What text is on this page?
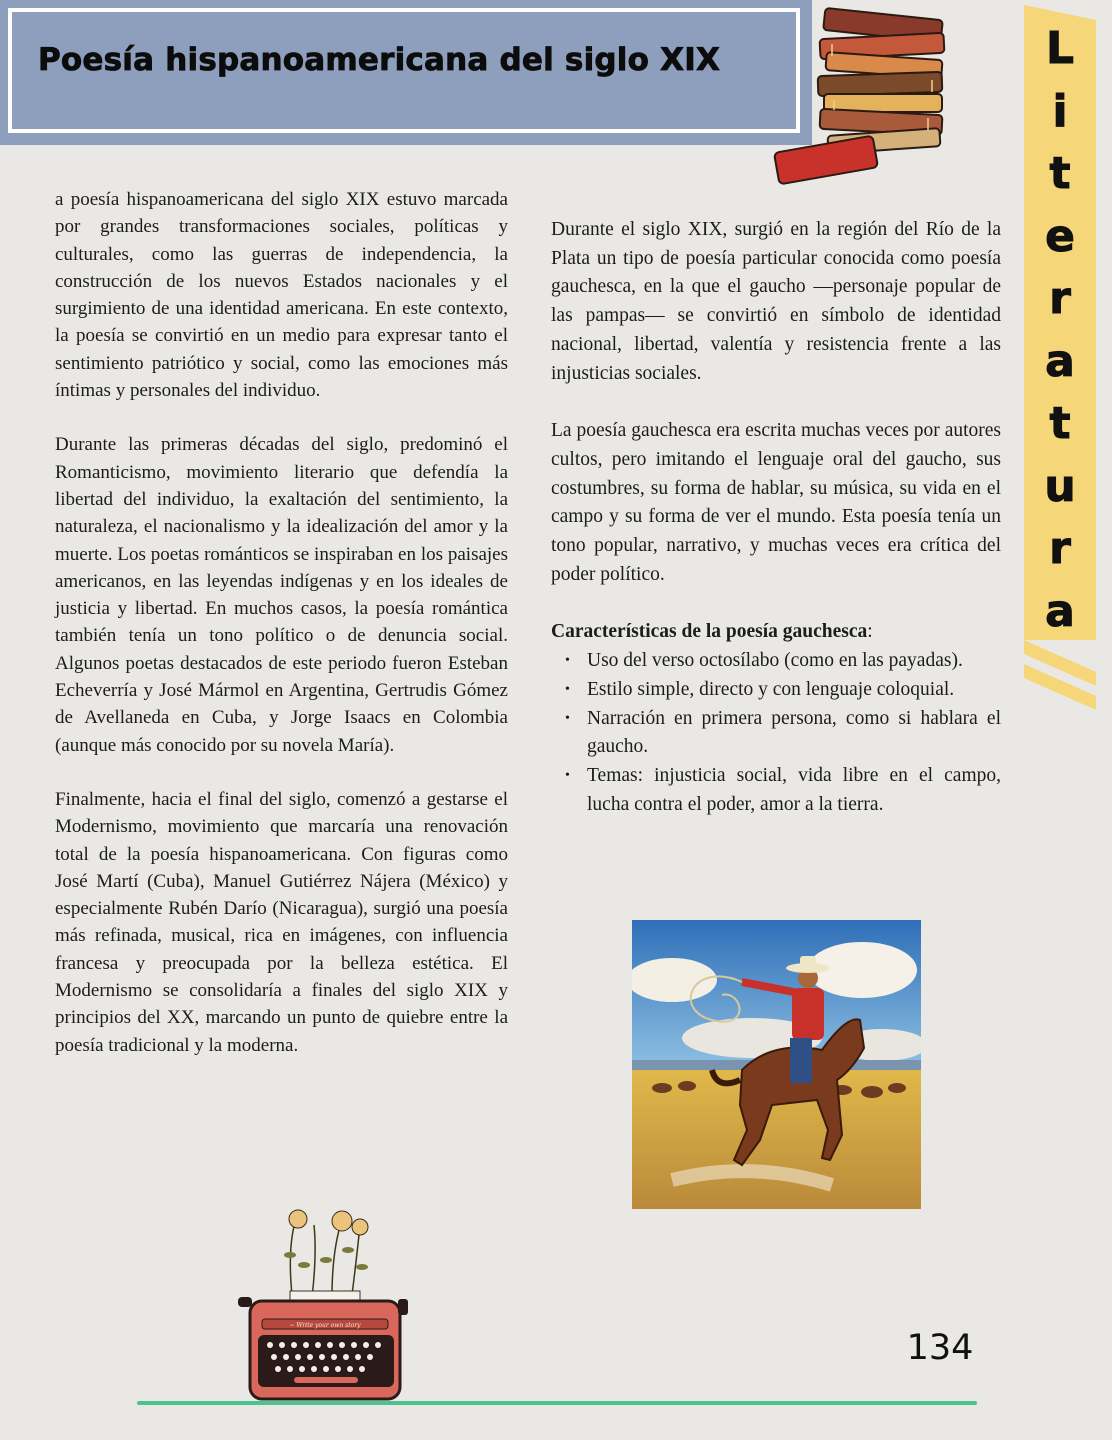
Poesía hispanoamericana del siglo XIX	L
i
t
e
r
a
t
u
r
a

a poesía hispanoamericana del siglo XIX estuvo marcada por grandes transformaciones sociales, políticas y culturales, como las guerras de independencia, la construcción de los nuevos Estados nacionales y el surgimiento de una identidad americana. En este contexto, la poesía se convirtió en un medio para expresar tanto el sentimiento patriótico y social, como las emociones más íntimas y personales del individuo.

Durante las primeras décadas del siglo, predominó el Romanticismo, movimiento literario que defendía la libertad del individuo, la exaltación del sentimiento, la naturaleza, el nacionalismo y la idealización del amor y la muerte. Los poetas románticos se inspiraban en los paisajes americanos, en las leyendas indígenas y en los ideales de justicia y libertad. En muchos casos, la poesía romántica también tenía un tono político o de denuncia social. Algunos poetas destacados de este periodo fueron Esteban Echeverría y José Mármol en Argentina, Gertrudis Gómez de Avellaneda en Cuba, y Jorge Isaacs en Colombia (aunque más conocido por su novela María).

Finalmente, hacia el final del siglo, comenzó a gestarse el Modernismo, movimiento que marcaría una renovación total de la poesía hispanoamericana. Con figuras como José Martí (Cuba), Manuel Gutiérrez Nájera (México) y especialmente Rubén Darío (Nicaragua), surgió una poesía más refinada, musical, rica en imágenes, con influencia francesa y preocupada por la belleza estética. El Modernismo se consolidaría a finales del siglo XIX y principios del XX, marcando un punto de quiebre entre la poesía tradicional y la moderna.

Durante el siglo XIX, surgió en la región del Río de la Plata un tipo de poesía particular conocida como poesía gauchesca, en la que el gaucho —personaje popular de las pampas— se convirtió en símbolo de identidad nacional, libertad, valentía y resistencia frente a las injusticias sociales.

La poesía gauchesca era escrita muchas veces por autores cultos, pero imitando el lenguaje oral del gaucho, sus costumbres, su forma de hablar, su música, su vida en el campo y su forma de ver el mundo. Esta poesía tenía un tono popular, narrativo, y muchas veces era crítica del poder político.

Características de la poesía gauchesca:
• Uso del verso octosílabo (como en las payadas).
• Estilo simple, directo y con lenguaje coloquial.
• Narración en primera persona, como si hablara el gaucho.
• Temas: injusticia social, vida libre en el campo, lucha contra el poder, amor a la tierra.
~ Write your own story
134
